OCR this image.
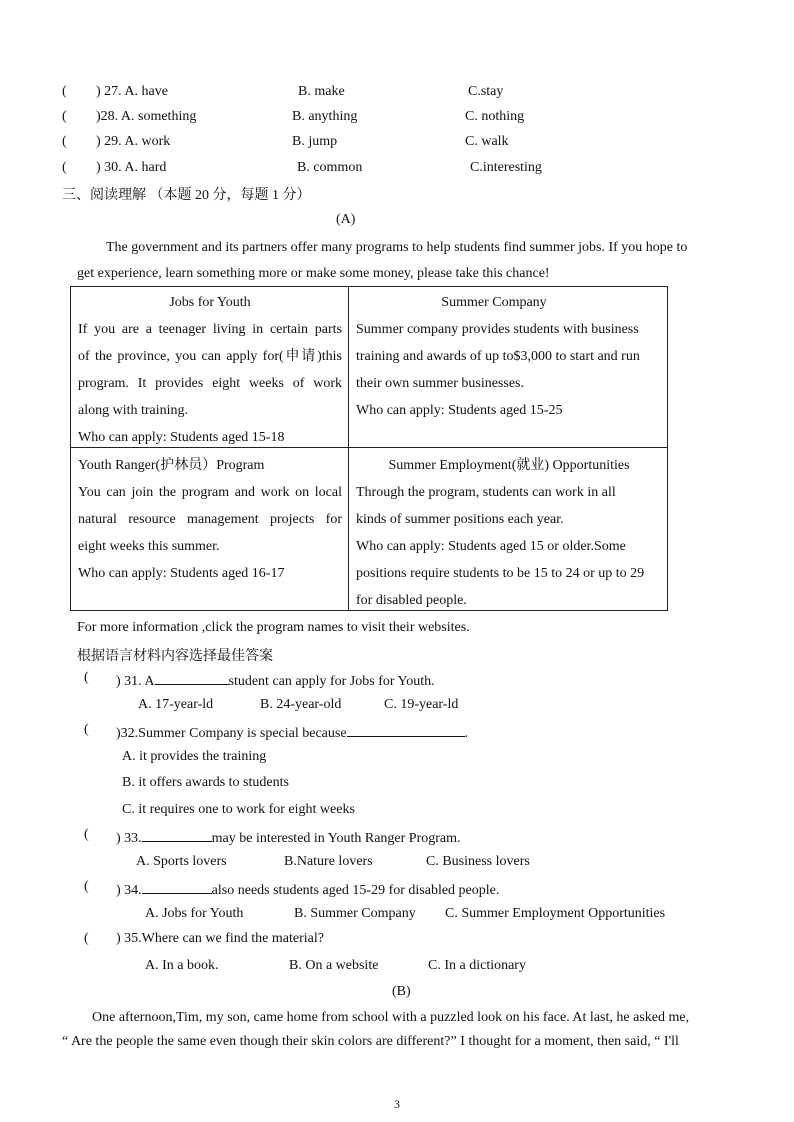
( ) 27. A. have	B. make	C.stay
( )28. A. something	B. anything	C. nothing
( ) 29. A. work	B. jump	C. walk
( ) 30. A. hard	B. common	C.interesting
三、阅读理解 （本题 20 分，每题 1 分）
(A)
The government and its partners offer many programs to help students find summer jobs. If you hope to
get experience, learn something more or make some money, please take this chance!
Jobs for Youth
If you are a teenager living in certain parts
of the province, you can apply for(申请)this
program. It provides eight weeks of work
along with training.
Who can apply: Students aged 15-18
Summer Company
Summer company provides students with business
training and awards of up to$3,000 to start and run
their own summer businesses.
Who can apply: Students aged 15-25
Youth Ranger(护林员）Program
You can join the program and work on local
natural resource management projects for
eight weeks this summer.
Who can apply: Students aged 16-17
Summer Employment(就业) Opportunities
Through the program, students can work in all
kinds of summer positions each year.
Who can apply: Students aged 15 or older.Some
positions require students to be 15 to 24 or up to 29
for disabled people.
For more information ,click the program names to visit their websites.
根据语言材料内容选择最佳答案
( ) 31. A	student can apply for Jobs for Youth.
A. 17-year-ld	B. 24-year-old	C. 19-year-ld
( )32.Summer Company is special because	.
A. it provides the training
B. it offers awards to students
C. it requires one to work for eight weeks
( ) 33.	may be interested in Youth Ranger Program.
A. Sports lovers	B.Nature lovers	C. Business lovers
( ) 34.	also needs students aged 15-29 for disabled people.
A. Jobs for Youth	B. Summer Company C. Summer Employment Opportunities
( ) 35.Where can we find the material?
A. In a book.	B. On a website	C. In a dictionary
(B)
One afternoon,Tim, my son, came home from school with a puzzled look on his face. At last, he asked me,
“ Are the people the same even though their skin colors are different?” I thought for a moment, then said, “ I'll
3
